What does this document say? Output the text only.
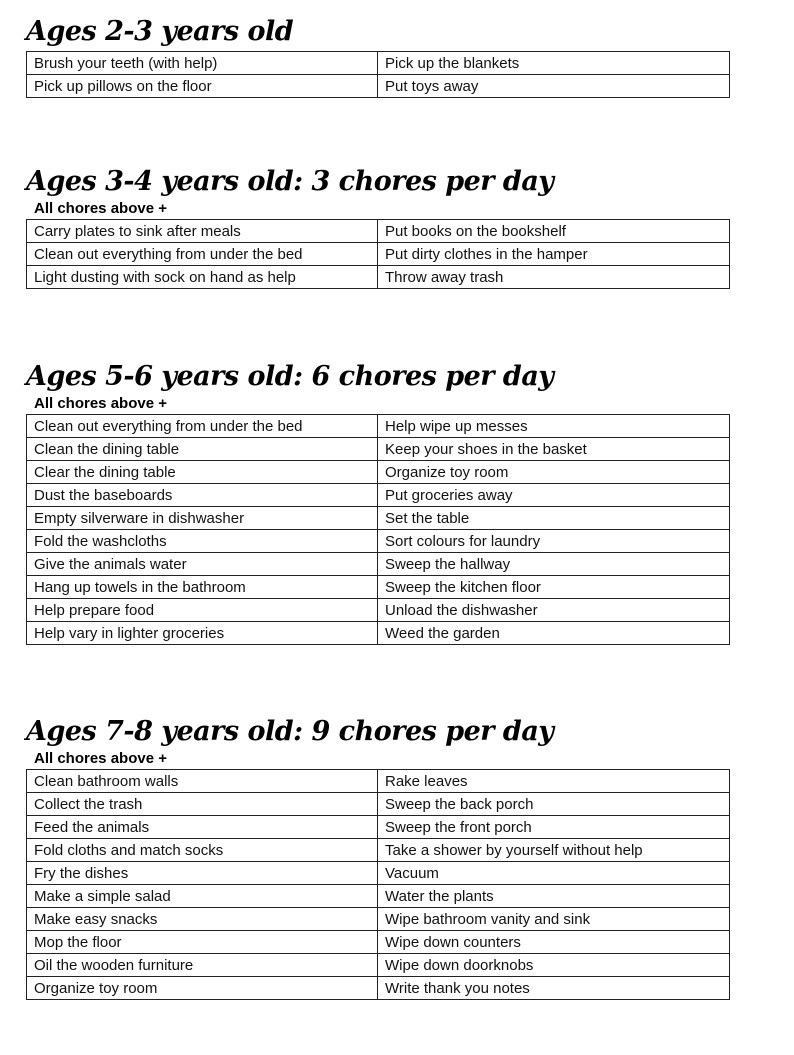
Ages 2-3 years old
Brush your teeth (with help)	Pick up the blankets
Pick up pillows on the floor	Put toys away
Ages 3-4 years old: 3 chores per day

All chores above +

Carry plates to sink after meals	Put books on the bookshelf
Clean out everything from under the bed	Put dirty clothes in the hamper
Light dusting with sock on hand as help	Throw away trash
Ages 5-6 years old: 6 chores per day

All chores above +

Clean out everything from under the bed	Help wipe up messes
Clean the dining table	Keep your shoes in the basket
Clear the dining table	Organize toy room
Dust the baseboards	Put groceries away
Empty silverware in dishwasher	Set the table
Fold the washcloths	Sort colours for laundry
Give the animals water	Sweep the hallway
Hang up towels in the bathroom	Sweep the kitchen floor
Help prepare food	Unload the dishwasher
Help vary in lighter groceries	Weed the garden
Ages 7-8 years old: 9 chores per day

All chores above +

Clean bathroom walls	Rake leaves
Collect the trash	Sweep the back porch
Feed the animals	Sweep the front porch
Fold cloths and match socks	Take a shower by yourself without help
Fry the dishes	Vacuum
Make a simple salad	Water the plants
Make easy snacks	Wipe bathroom vanity and sink
Mop the floor	Wipe down counters
Oil the wooden furniture	Wipe down doorknobs
Organize toy room	Write thank you notes
